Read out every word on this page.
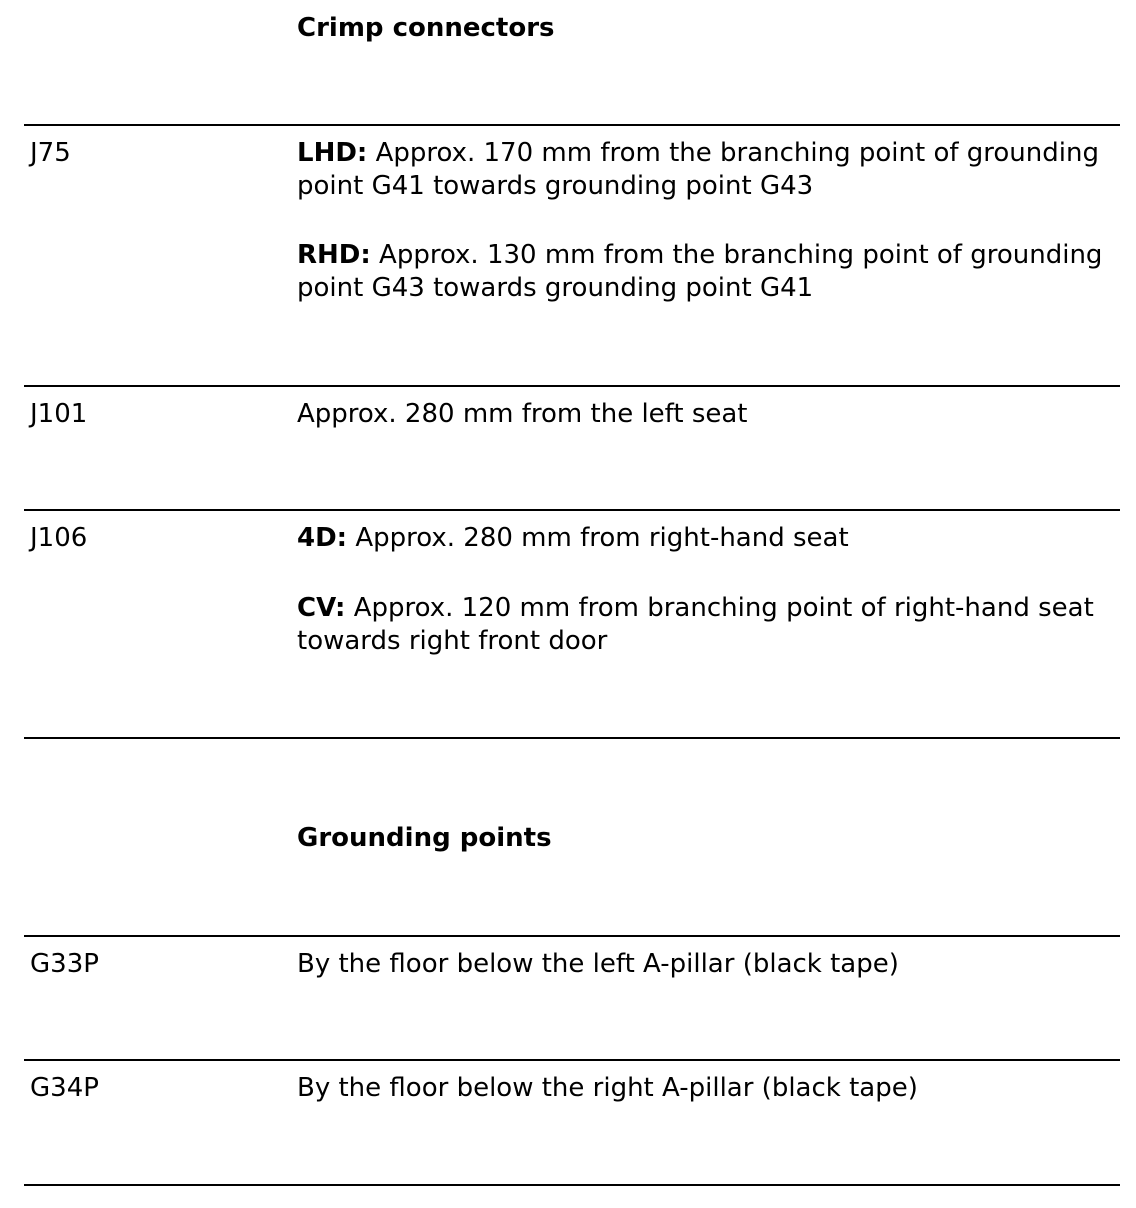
Crimp connectors
J75	LHD: Approx. 170 mm from the branching point of grounding point G41 towards grounding point G43
RHD: Approx. 130 mm from the branching point of grounding point G43 towards grounding point G41
J101	Approx. 280 mm from the left seat
J106	4D: Approx. 280 mm from right-hand seat
CV: Approx. 120 mm from branching point of right-hand seat towards right front door
Grounding points
G33P	By the floor below the left A-pillar (black tape)
G34P	By the floor below the right A-pillar (black tape)
